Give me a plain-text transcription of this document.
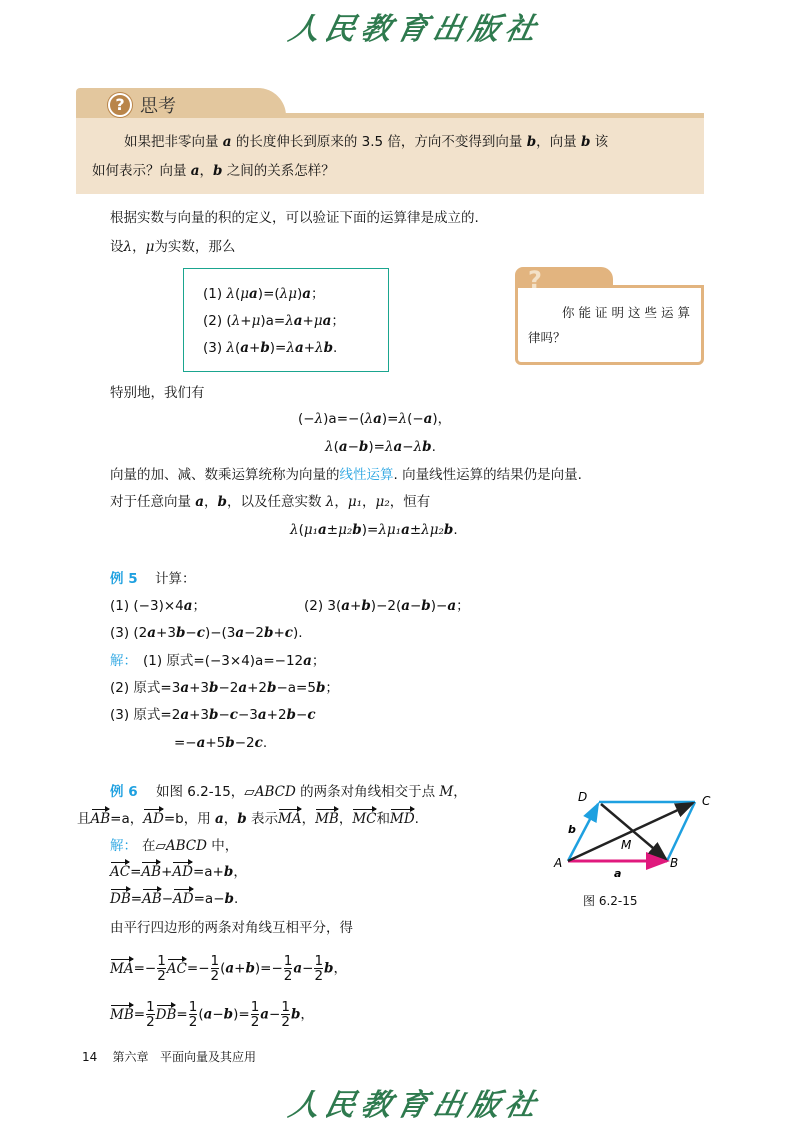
人民教育出版社
? 思考
如果把非零向量 a 的长度伸长到原来的 3.5 倍，方向不变得到向量 b，向量 b 该
如何表示？向量 a，b 之间的关系怎样？
根据实数与向量的积的定义，可以验证下面的运算律是成立的.
设λ，μ为实数，那么
(1) λ(μa)=(λμ)a；
(2) (λ+μ)a=λa+μa；
(3) λ(a+b)=λa+λb.
?
你能证明这些运算
律吗？
特别地，我们有
(−λ)a=−(λa)=λ(−a)，
λ(a−b)=λa−λb.
向量的加、减、数乘运算统称为向量的线性运算. 向量线性运算的结果仍是向量.
对于任意向量 a，b，以及任意实数 λ，μ₁，μ₂，恒有
λ(μ₁a±μ₂b)=λμ₁a±λμ₂b.
例 5 计算：
(1) (−3)×4a；	(2) 3(a+b)−2(a−b)−a；
(3) (2a+3b−c)−(3a−2b+c).
解： (1) 原式=(−3×4)a=−12a；
(2) 原式=3a+3b−2a+2b−a=5b；
(3) 原式=2a+3b−c−3a+2b−c
=−a+5b−2c.
例 6 如图 6.2-15，▱ABCD 的两条对角线相交于点 M，
且AB=a，AD=b，用 a，b 表示MA，MB，MC和MD.
解： 在▱ABCD 中，
AC=AB+AD=a+b，
DB=AB−AD=a−b.
由平行四边形的两条对角线互相平分，得
$MA=- \frac{1}{2} AC=- \frac{1}{2} (a+b)=- \frac{1}{2} a- \frac{1}{2}$ b，
$MB= \frac{1}{2} DB= \frac{1}{2} (a-b)= \frac{1}{2} a- \frac{1}{2}$ b，
D	C
A	B
M
a
b
图 6.2-15
14 第六章 平面向量及其应用
人民教育出版社
